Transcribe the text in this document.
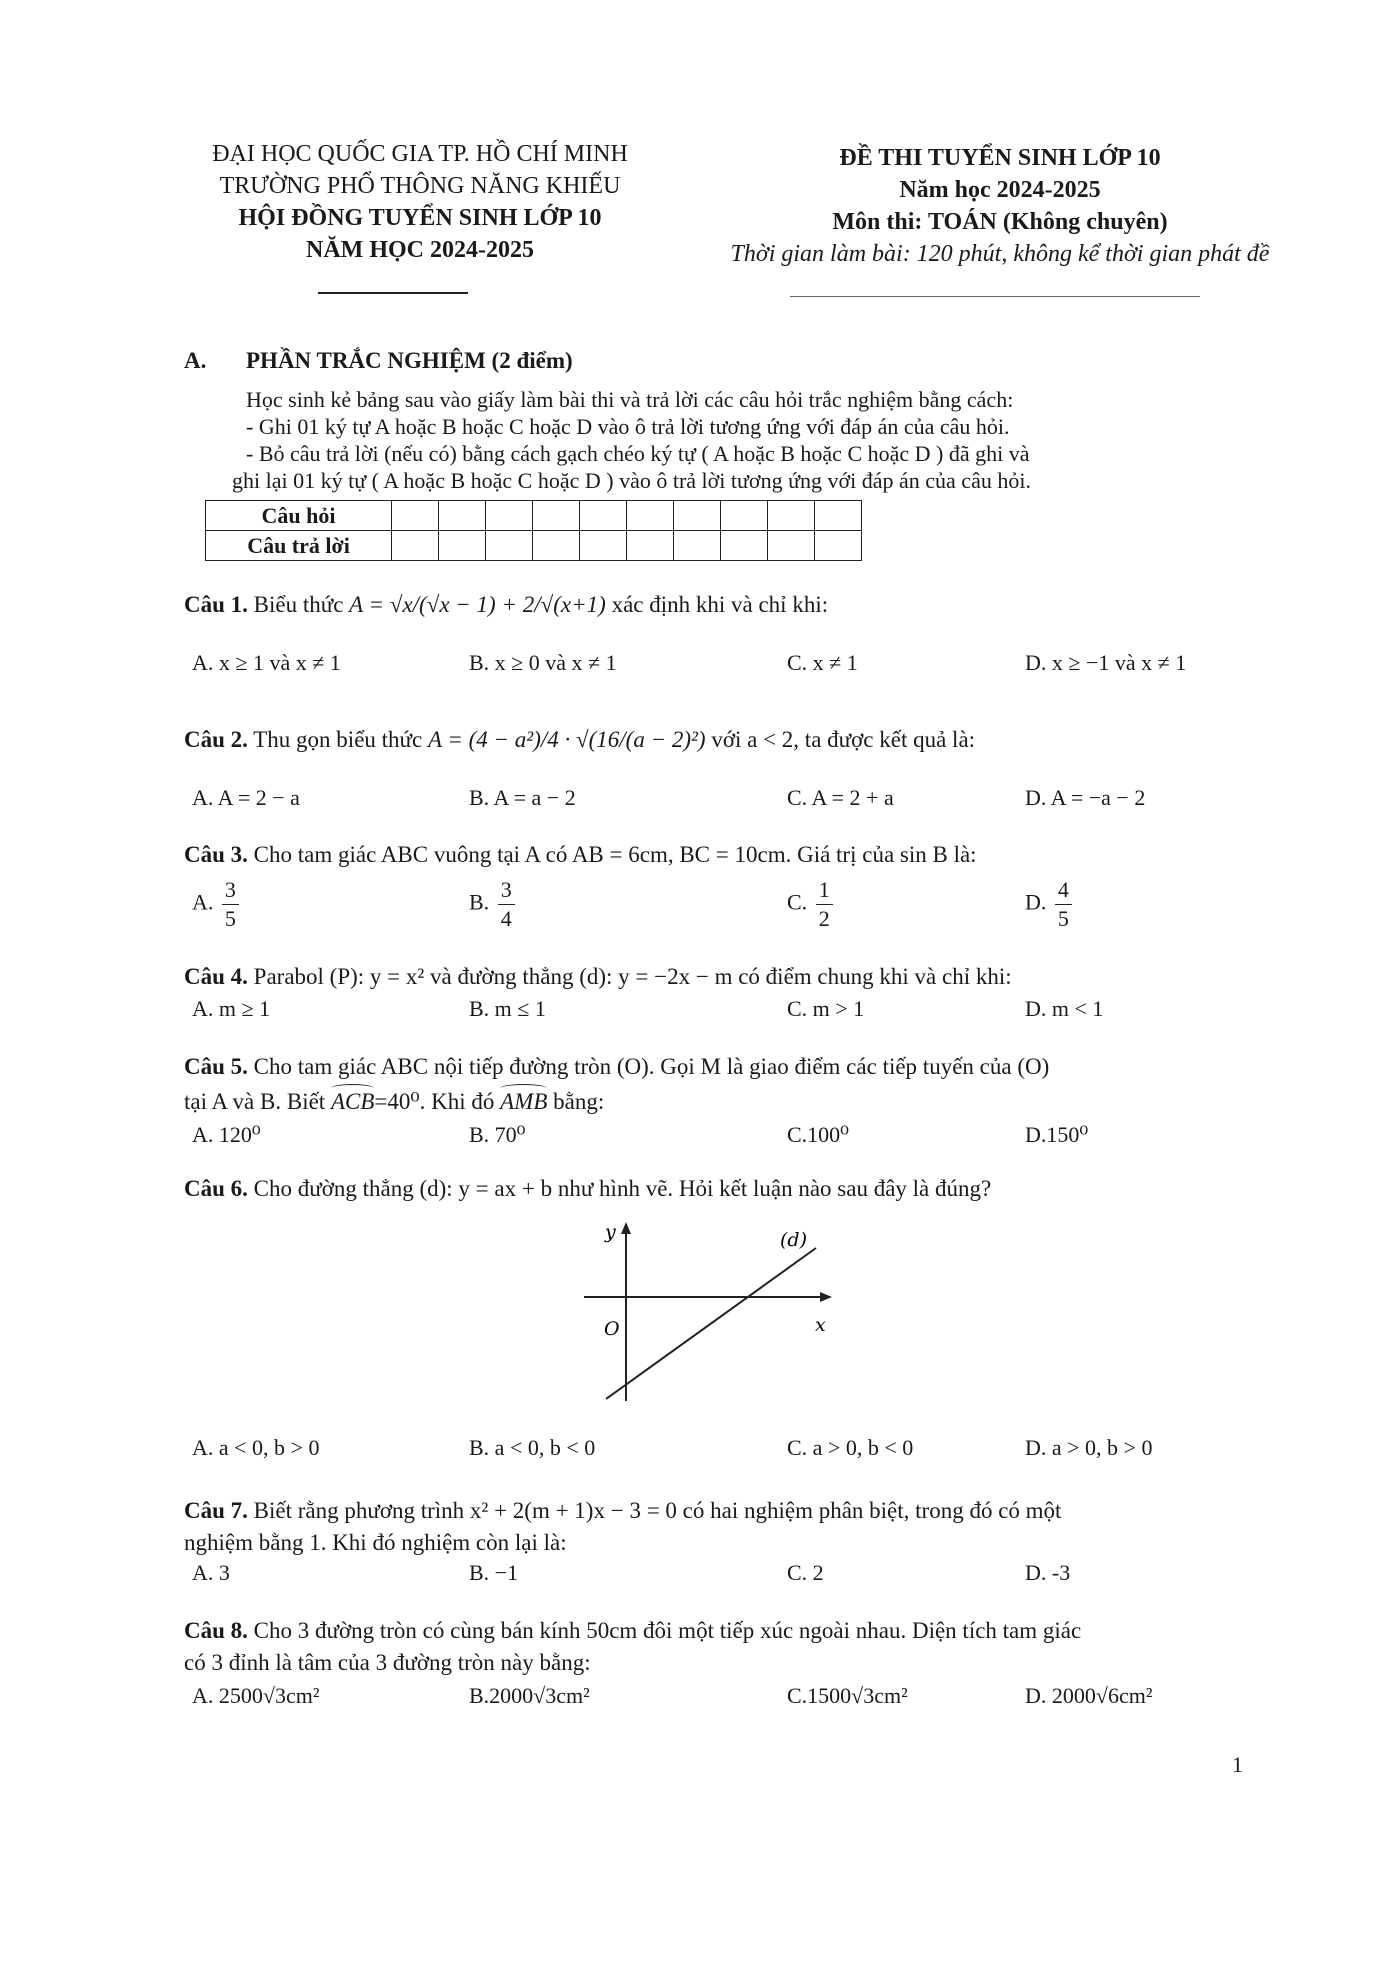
ĐẠI HỌC QUỐC GIA TP. HỒ CHÍ MINH
TRƯỜNG PHỔ THÔNG NĂNG KHIẾU
HỘI ĐỒNG TUYỂN SINH LỚP 10
NĂM HỌC 2024-2025
ĐỀ THI TUYỂN SINH LỚP 10
Năm học 2024-2025
Môn thi: TOÁN (Không chuyên)
Thời gian làm bài: 120 phút, không kể thời gian phát đề
A. PHẦN TRẮC NGHIỆM (2 điểm)
Học sinh kẻ bảng sau vào giấy làm bài thi và trả lời các câu hỏi trắc nghiệm bằng cách:
- Ghi 01 ký tự A hoặc B hoặc C hoặc D vào ô trả lời tương ứng với đáp án của câu hỏi.
- Bỏ câu trả lời (nếu có) bằng cách gạch chéo ký tự ( A hoặc B hoặc C hoặc D ) đã ghi và
ghi lại 01 ký tự ( A hoặc B hoặc C hoặc D ) vào ô trả lời tương ứng với đáp án của câu hỏi.
Câu hỏi										
Câu trả lời										
Câu 1. Biểu thức A = √x/(√x − 1) + 2/√(x+1) xác định khi và chỉ khi:
A. x ≥ 1 và x ≠ 1	B. x ≥ 0 và x ≠ 1	C. x ≠ 1	D. x ≥ −1 và x ≠ 1
Câu 2. Thu gọn biểu thức A = (4 − a²)/4 · √(16/(a − 2)²) với a < 2, ta được kết quả là:
A. A = 2 − a	B. A = a − 2	C. A = 2 + a	D. A = −a − 2
Câu 3. Cho tam giác ABC vuông tại A có AB = 6cm, BC = 10cm. Giá trị của sin B là:
A. $\frac{3}{5}$	B. $\frac{3}{4}$	C. $\frac{1}{2}$	D. $\frac{4}{5}$
Câu 4. Parabol (P): y = x² và đường thẳng (d): y = −2x − m có điểm chung khi và chỉ khi:
A. m ≥ 1	B. m ≤ 1	C. m > 1	D. m < 1
Câu 5. Cho tam giác ABC nội tiếp đường tròn (O). Gọi M là giao điểm các tiếp tuyến của (O)
tại A và B. Biết ACB=40⁰. Khi đó AMB bằng:
A. 120⁰	B. 70⁰	C.100⁰	D.150⁰
Câu 6. Cho đường thẳng (d): y = ax + b như hình vẽ. Hỏi kết luận nào sau đây là đúng?
y
x
O
(d)
A. a < 0, b > 0	B. a < 0, b < 0	C. a > 0, b < 0	D. a > 0, b > 0
Câu 7. Biết rằng phương trình x² + 2(m + 1)x − 3 = 0 có hai nghiệm phân biệt, trong đó có một
nghiệm bằng 1. Khi đó nghiệm còn lại là:
A. 3	B. −1	C. 2	D. -3
Câu 8. Cho 3 đường tròn có cùng bán kính 50cm đôi một tiếp xúc ngoài nhau. Diện tích tam giác
có 3 đỉnh là tâm của 3 đường tròn này bằng:
A. 2500√3cm²	B.2000√3cm²	C.1500√3cm²	D. 2000√6cm²
1
